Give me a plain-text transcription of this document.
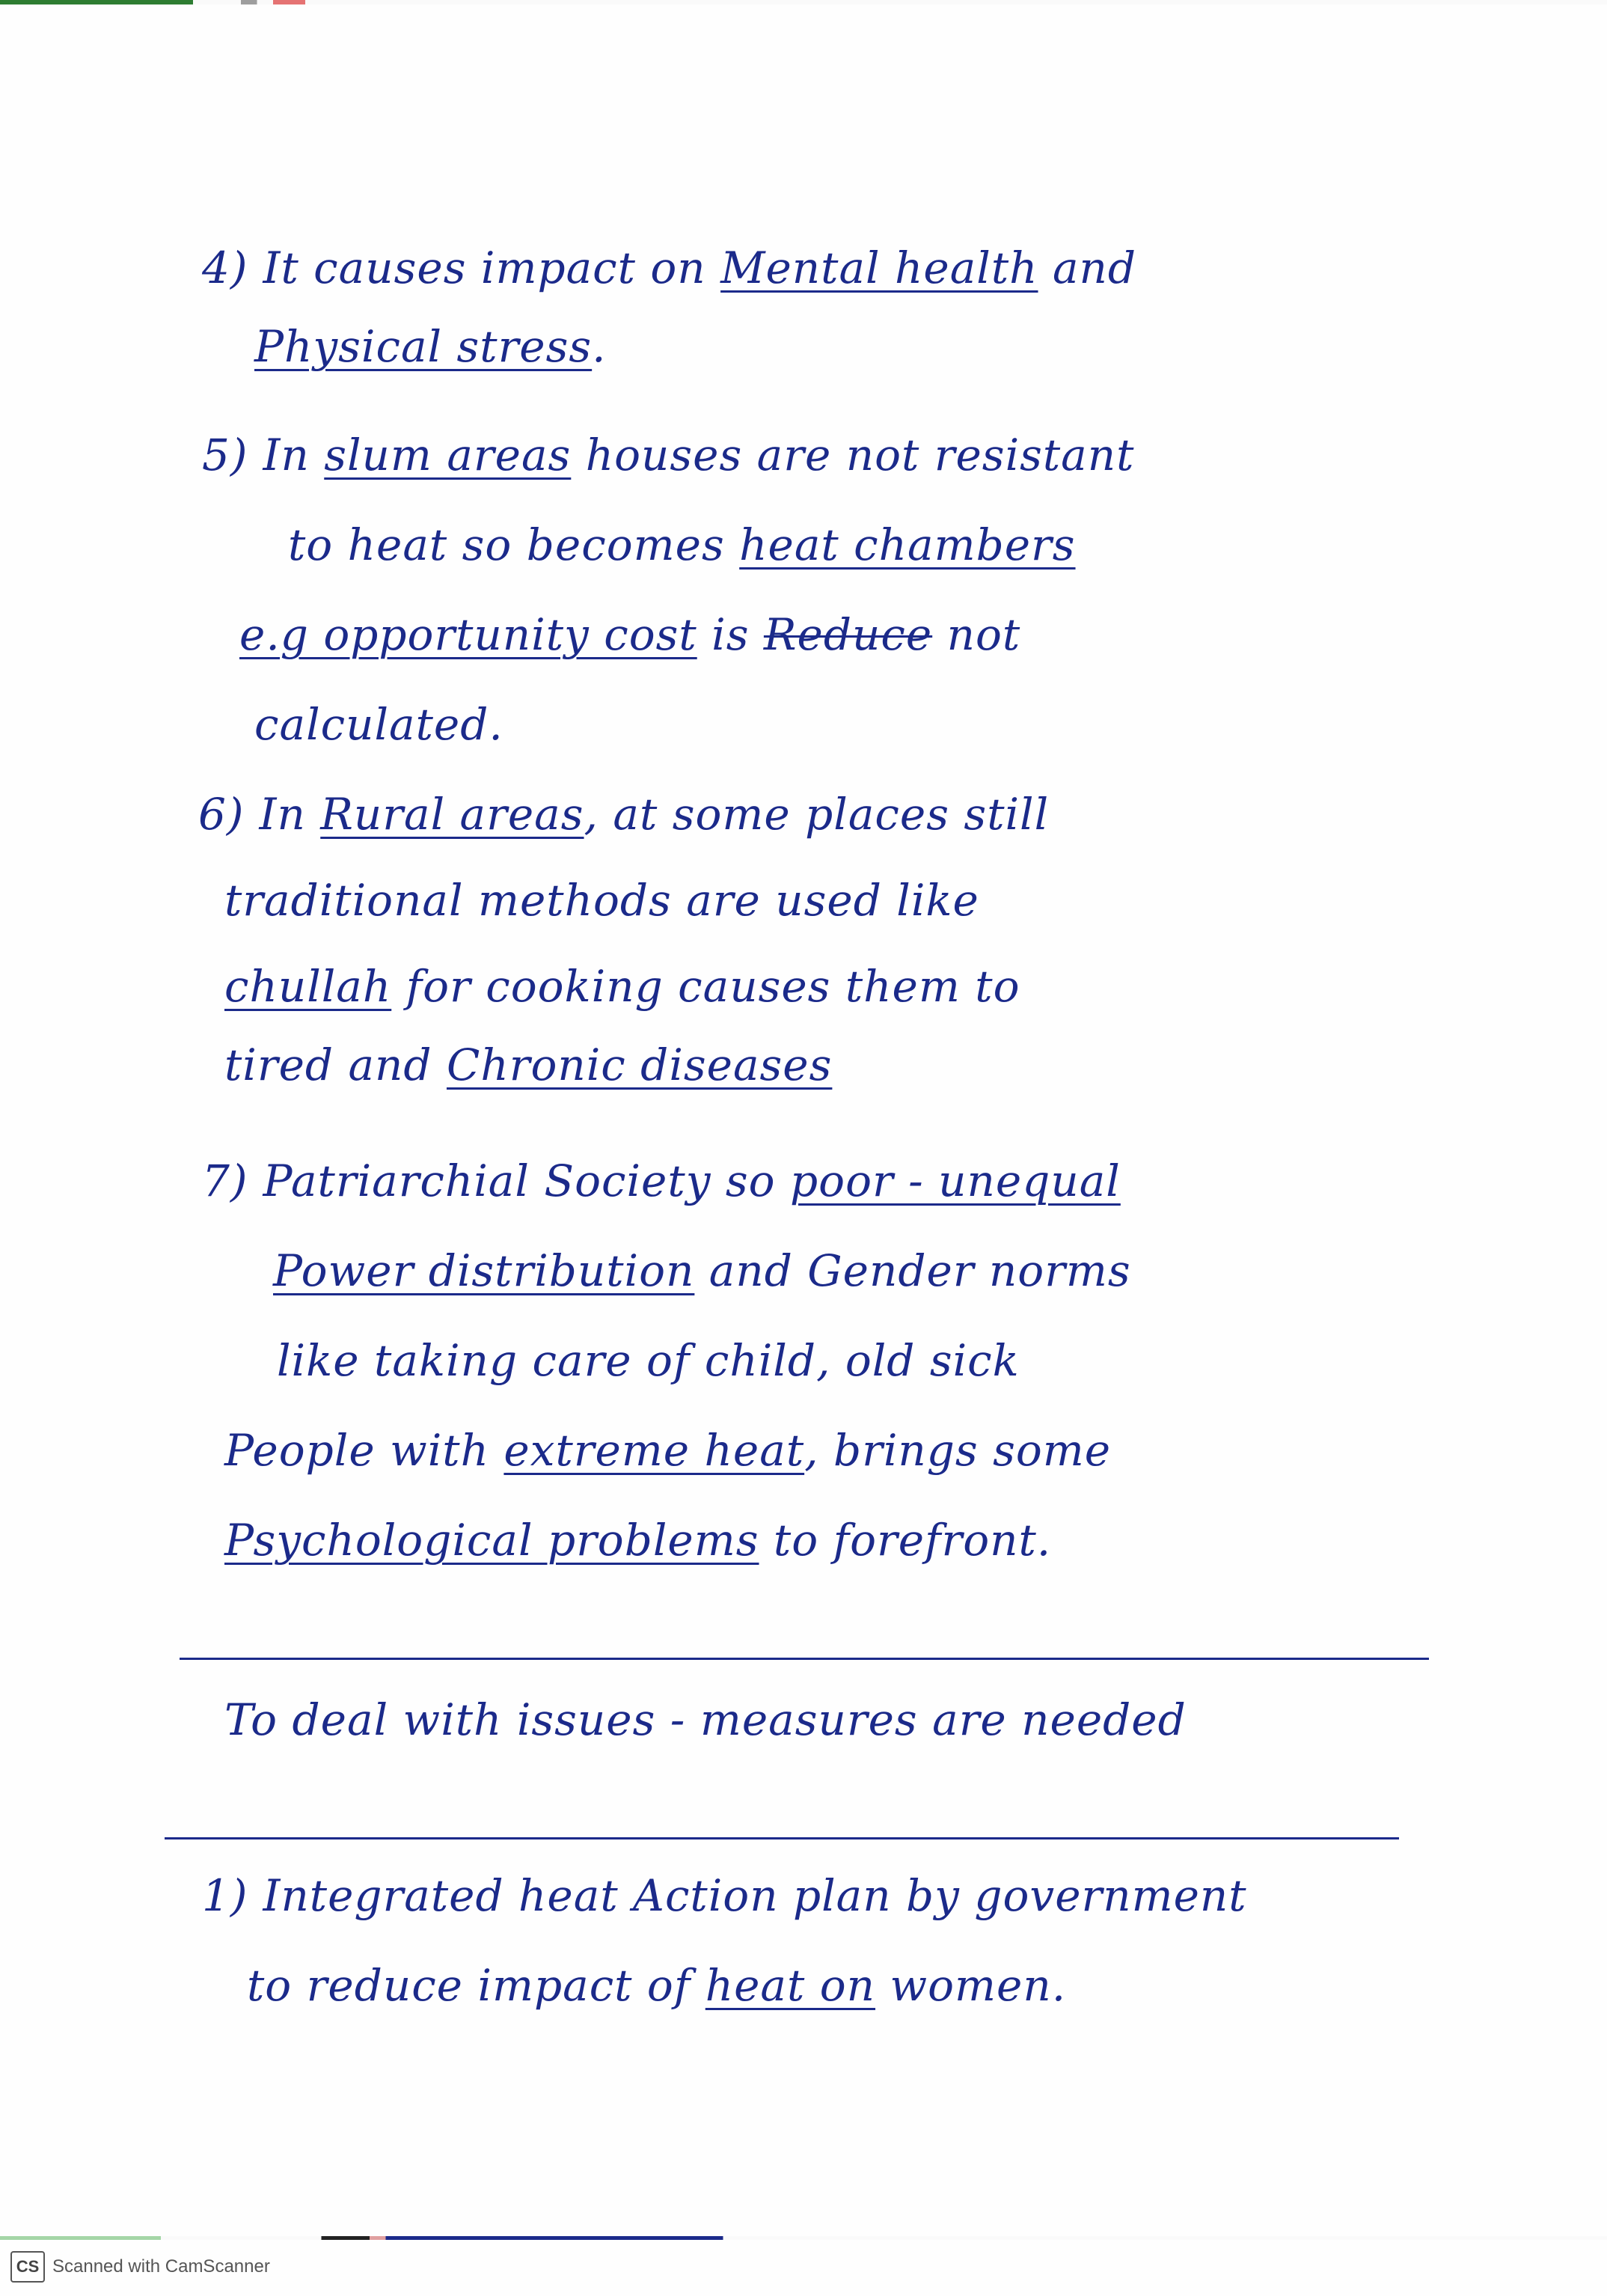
4) It causes impact on Mental health and
Physical stress.
5) In slum areas houses are not resistant
to heat so becomes heat chambers
e.g opportunity cost is Reduce not
calculated.
6) In Rural areas, at some places still
traditional methods are used like
chullah for cooking causes them to
tired and Chronic diseases
7) Patriarchial Society so poor - unequal
Power distribution and Gender norms
like taking care of child, old sick
People with extreme heat, brings some
Psychological problems to forefront.
To deal with issues - measures are needed
1) Integrated heat Action plan by government
to reduce impact of heat on women.
CS Scanned with CamScanner
